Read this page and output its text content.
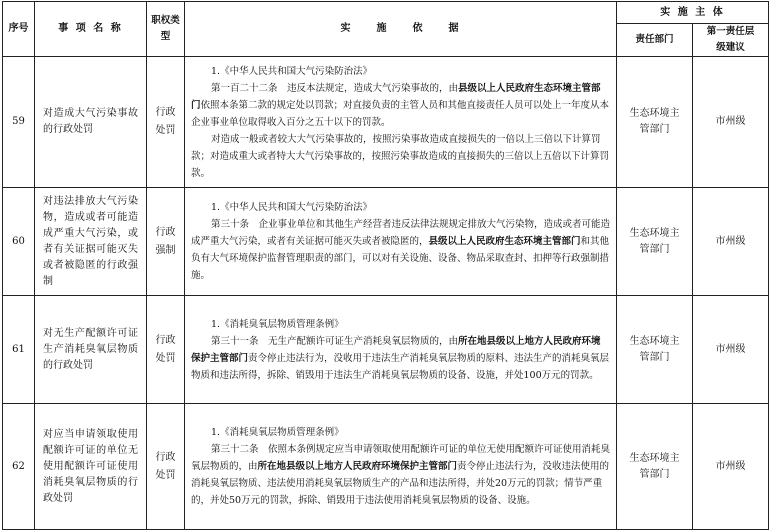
序号	事 项 名 称	职权类型	实　　施　　依　　据	实 施 主 体	
				责任部门	第一责任层级建议
59	对造成大气污染事故的行政处罚	行政处罚	1.《中华人民共和国大气污染防治法》

第一百二十二条　违反本法规定，造成大气污染事故的，由县级以上人民政府生态环境主管部门依照本条第二款的规定处以罚款；对直接负责的主管人员和其他直接责任人员可以处上一年度从本企业事业单位取得收入百分之五十以下的罚款。

对造成一般或者较大大气污染事故的，按照污染事故造成直接损失的一倍以上三倍以下计算罚款；对造成重大或者特大大气污染事故的，按照污染事故造成的直接损失的三倍以上五倍以下计算罚款。	生态环境主管部门	市州级
60	对违法排放大气污染物，造成或者可能造成严重大气污染，或者有关证据可能灭失或者被隐匿的行政强制	行政强制	1.《中华人民共和国大气污染防治法》

第三十条　企业事业单位和其他生产经营者违反法律法规规定排放大气污染物，造成或者可能造成严重大气污染，或者有关证据可能灭失或者被隐匿的，县级以上人民政府生态环境主管部门和其他负有大气环境保护监督管理职责的部门，可以对有关设施、设备、物品采取查封、扣押等行政强制措施。	生态环境主管部门	市州级
61	对无生产配额许可证生产消耗臭氧层物质的行政处罚	行政处罚	1.《消耗臭氧层物质管理条例》

第三十一条　无生产配额许可证生产消耗臭氧层物质的，由所在地县级以上地方人民政府环境保护主管部门责令停止违法行为，没收用于违法生产消耗臭氧层物质的原料、违法生产的消耗臭氧层物质和违法所得，拆除、销毁用于违法生产消耗臭氧层物质的设备、设施，并处100万元的罚款。	生态环境主管部门	市州级
62	对应当申请领取使用配额许可证的单位无使用配额许可证使用消耗臭氧层物质的行政处罚	行政处罚	1.《消耗臭氧层物质管理条例》

第三十二条　依照本条例规定应当申请领取使用配额许可证的单位无使用配额许可证使用消耗臭氧层物质的，由所在地县级以上地方人民政府环境保护主管部门责令停止违法行为，没收违法使用的消耗臭氧层物质、违法使用消耗臭氧层物质生产的产品和违法所得，并处20万元的罚款；情节严重的，并处50万元的罚款，拆除、销毁用于违法使用消耗臭氧层物质的设备、设施。	生态环境主管部门	市州级
